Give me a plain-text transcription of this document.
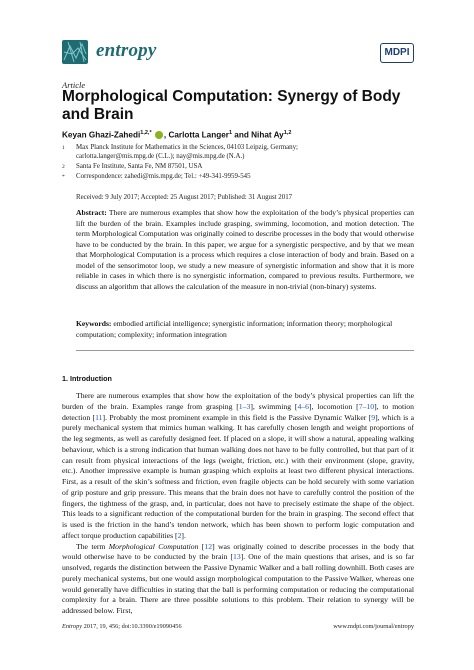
entropy	MDPI
Article
Morphological Computation: Synergy of Body and Brain
Keyan Ghazi-Zahedi$^{1,2,*}$ , Carlotta Langer$^1$ and Nihat Ay$^{1,2}$
1 Max Planck Institute for Mathematics in the Sciences, 04103 Leipzig, Germany;
carlotta.langer@mis.mpg.de (C.L.); nay@mis.mpg.de (N.A.)
2 Santa Fe Institute, Santa Fe, NM 87501, USA
* Correspondence: zahedi@mis.mpg.de; Tel.: +49-341-9959-545
Received: 9 July 2017; Accepted: 25 August 2017; Published: 31 August 2017
Abstract: There are numerous examples that show how the exploitation of the body’s physical properties can lift the burden of the brain. Examples include grasping, swimming, locomotion, and motion detection. The term Morphological Computation was originally coined to describe processes in the body that would otherwise have to be conducted by the brain. In this paper, we argue for a synergistic perspective, and by that we mean that Morphological Computation is a process which requires a close interaction of body and brain. Based on a model of the sensorimotor loop, we study a new measure of synergistic information and show that it is more reliable in cases in which there is no synergistic information, compared to previous results. Furthermore, we discuss an algorithm that allows the calculation of the measure in non-trivial (non-binary) systems.
Keywords: embodied artificial intelligence; synergistic information; information theory; morphological computation; complexity; information integration
1. Introduction

There are numerous examples that show how the exploitation of the body’s physical properties can lift the burden of the brain. Examples range from grasping [1–3], swimming [4–6], locomotion [7–10], to motion detection [11]. Probably the most prominent example in this field is the Passive Dynamic Walker [9], which is a purely mechanical system that mimics human walking. It has carefully chosen length and weight proportions of the leg segments, as well as carefully designed feet. If placed on a slope, it will show a natural, appealing walking behaviour, which is a strong indication that human walking does not have to be fully controlled, but that part of it can result from physical interactions of the legs (weight, friction, etc.) with their environment (slope, gravity, etc.). Another impressive example is human grasping which exploits at least two different physical interactions. First, as a result of the skin’s softness and friction, even fragile objects can be hold securely with some variation of grip posture and grip pressure. This means that the brain does not have to carefully control the position of the fingers, the tightness of the grasp, and, in particular, does not have to precisely estimate the shape of the object. This leads to a significant reduction of the computational burden for the brain in grasping. The second effect that is used is the friction in the hand’s tendon network, which has been shown to perform logic computation and affect torque production capabilities [2].

The term Morphological Computation [12] was originally coined to describe processes in the body that would otherwise have to be conducted by the brain [13]. One of the main questions that arises, and is so far unsolved, regards the distinction between the Passive Dynamic Walker and a ball rolling downhill. Both cases are purely mechanical systems, but one would assign morphological computation to the Passive Walker, whereas one would generally have difficulties in stating that the ball is performing computation or reducing the computational complexity for a brain. There are three possible solutions to this problem. Their relation to synergy will be addressed below. First,

Entropy 2017, 19, 456; doi:10.3390/e19090456	www.mdpi.com/journal/entropy
